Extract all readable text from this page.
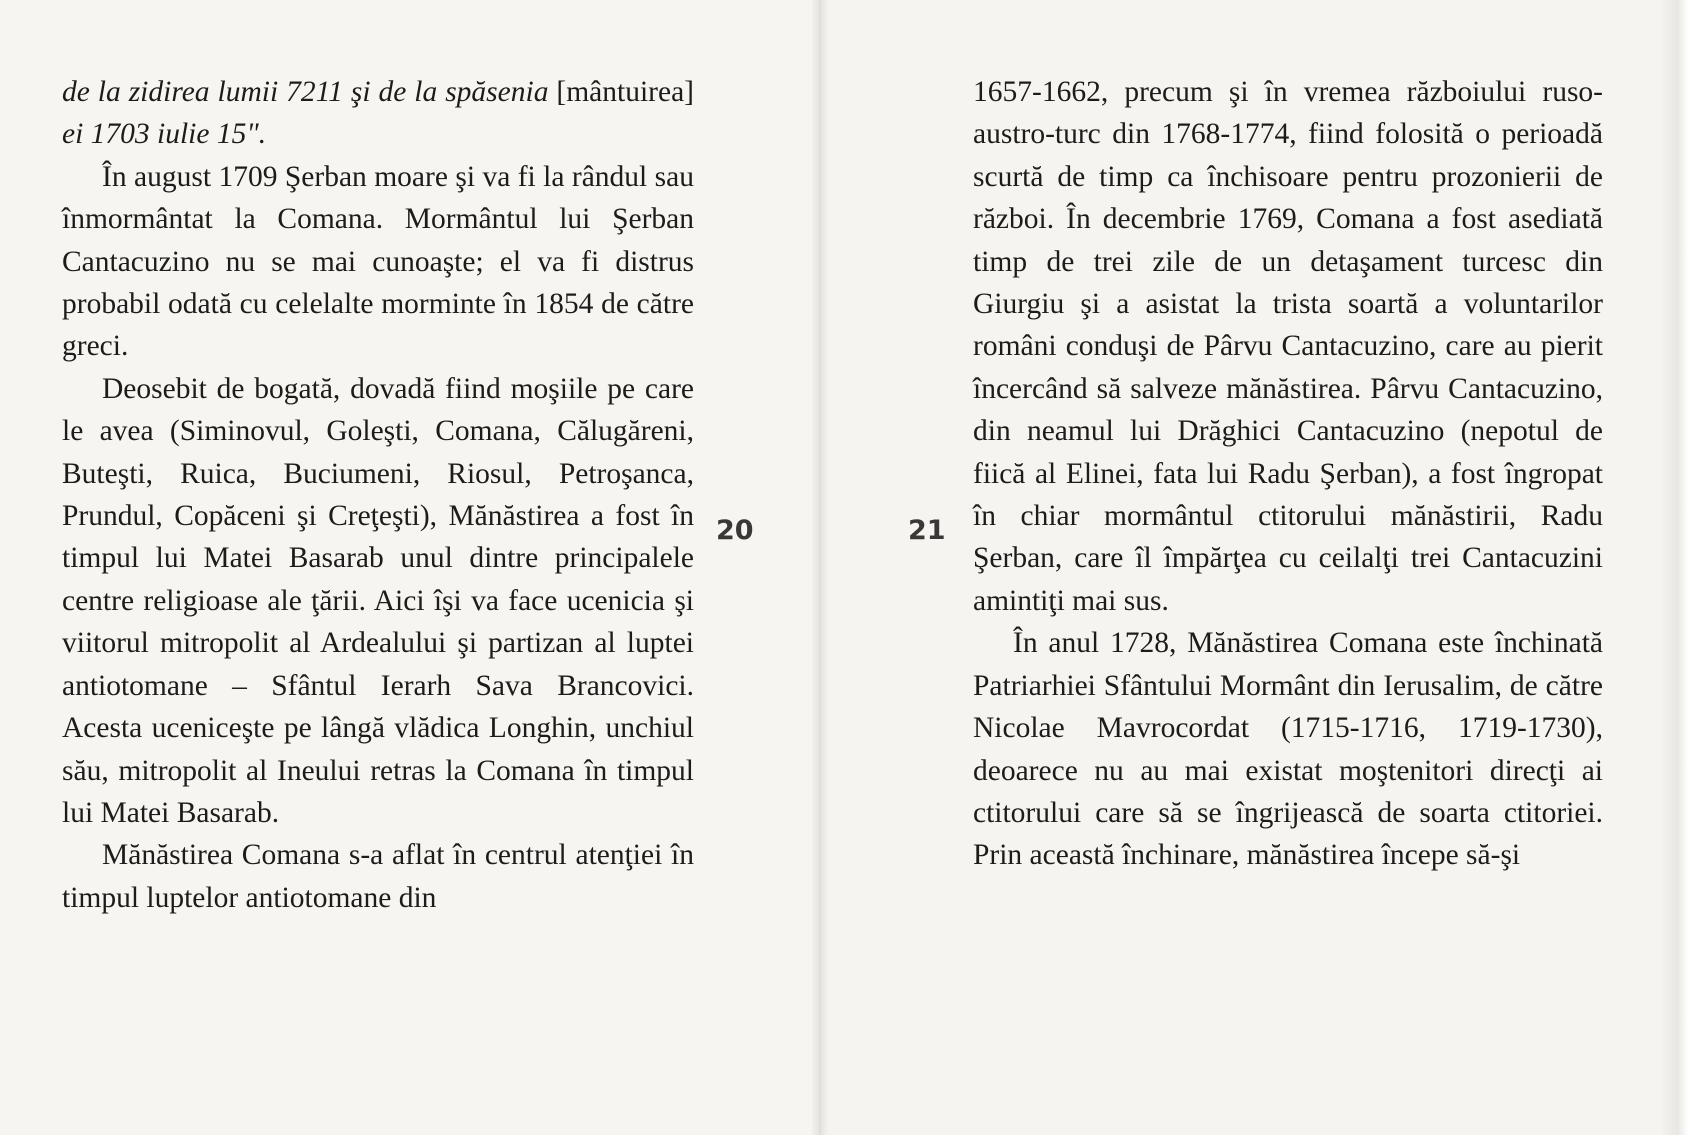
de la zidirea lumii 7211 şi de la spăsenia [mântuirea] ei 1703 iulie 15".

În august 1709 Şerban moare şi va fi la rândul sau înmormântat la Comana. Mormântul lui Şerban Cantacuzino nu se mai cunoaşte; el va fi distrus probabil odată cu celelalte morminte în 1854 de către greci.

Deosebit de bogată, dovadă fiind moşiile pe care le avea (Siminovul, Goleşti, Comana, Călugăreni, Buteşti, Ruica, Buciumeni, Riosul, Petroşanca, Prundul, Copăceni şi Creţeşti), Mănăstirea a fost în timpul lui Matei Basarab unul dintre principalele centre religioase ale ţării. Aici îşi va face ucenicia şi viitorul mitropolit al Ardealului şi partizan al luptei antiotomane – Sfântul Ierarh Sava Brancovici. Acesta uceniceşte pe lângă vlădica Longhin, unchiul său, mitropolit al Ineului retras la Comana în timpul lui Matei Basarab.

Mănăstirea Comana s-a aflat în centrul atenţiei în timpul luptelor antiotomane din

20	21

1657-1662, precum şi în vremea războiului ruso-austro-turc din 1768-1774, fiind folosită o perioadă scurtă de timp ca închisoare pentru prozonierii de război. În decembrie 1769, Comana a fost asediată timp de trei zile de un detaşament turcesc din Giurgiu şi a asistat la trista soartă a voluntarilor români conduşi de Pârvu Cantacuzino, care au pierit încercând să salveze mănăstirea. Pârvu Cantacuzino, din neamul lui Drăghici Cantacuzino (nepotul de fiică al Elinei, fata lui Radu Şerban), a fost îngropat în chiar mormântul ctitorului mănăstirii, Radu Şerban, care îl împărţea cu ceilalţi trei Cantacuzini amintiţi mai sus.

În anul 1728, Mănăstirea Comana este închinată Patriarhiei Sfântului Mormânt din Ierusalim, de către Nicolae Mavrocordat (1715-1716, 1719-1730), deoarece nu au mai existat moştenitori direcţi ai ctitorului care să se îngrijească de soarta ctitoriei. Prin această închinare, mănăstirea începe să-şi
